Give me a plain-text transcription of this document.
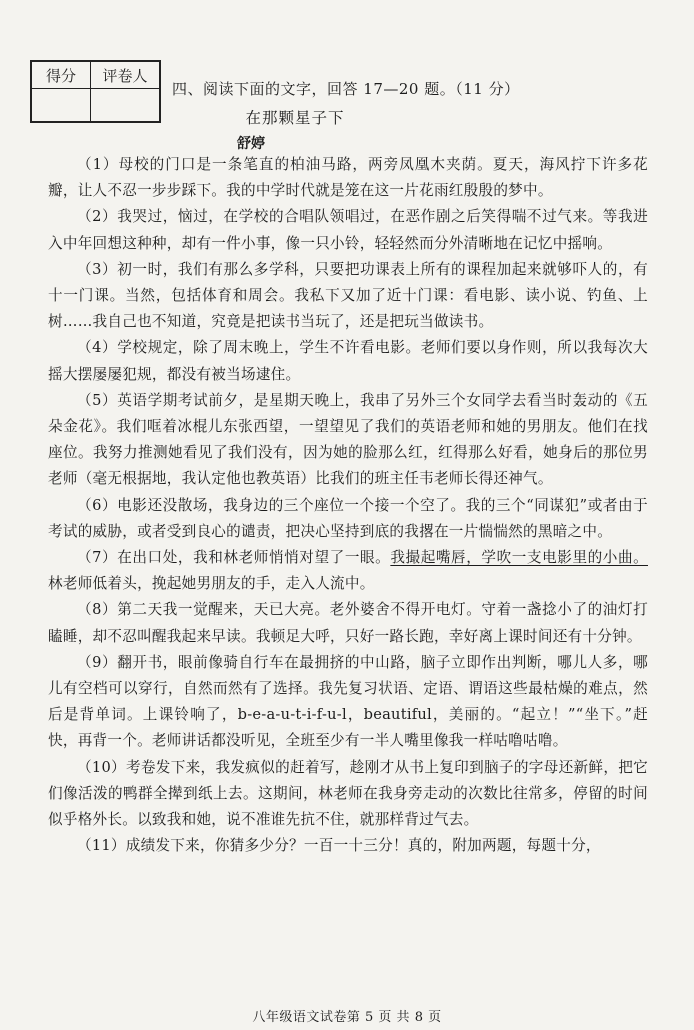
得分	评卷人

四、阅读下面的文字，回答 17—20 题。（11 分）
在那颗星子下
舒婷

（1）母校的门口是一条笔直的柏油马路，两旁凤凰木夹荫。夏天，海风拧下许多花瓣，让人不忍一步步踩下。我的中学时代就是笼在这一片花雨红殷殷的梦中。

（2）我哭过，恼过，在学校的合唱队领唱过，在恶作剧之后笑得喘不过气来。等我进入中年回想这种种，却有一件小事，像一只小铃，轻轻然而分外清晰地在记忆中摇响。

（3）初一时，我们有那么多学科，只要把功课表上所有的课程加起来就够吓人的，有十一门课。当然，包括体育和周会。我私下又加了近十门课：看电影、读小说、钓鱼、上树……我自己也不知道，究竟是把读书当玩了，还是把玩当做读书。

（4）学校规定，除了周末晚上，学生不许看电影。老师们要以身作则，所以我每次大摇大摆屡屡犯规，都没有被当场逮住。

（5）英语学期考试前夕，是星期天晚上，我串了另外三个女同学去看当时轰动的《五朵金花》。我们哐着冰棍儿东张西望，一望望见了我们的英语老师和她的男朋友。他们在找座位。我努力推测她看见了我们没有，因为她的脸那么红，红得那么好看，她身后的那位男老师（毫无根据地，我认定他也教英语）比我们的班主任韦老师长得还神气。

（6）电影还没散场，我身边的三个座位一个接一个空了。我的三个“同谋犯”或者由于考试的威胁，或者受到良心的谴责，把决心坚持到底的我撂在一片惴惴然的黑暗之中。

（7）在出口处，我和林老师悄悄对望了一眼。我撮起嘴唇，学吹一支电影里的小曲。林老师低着头，挽起她男朋友的手，走入人流中。

（8）第二天我一觉醒来，天已大亮。老外婆舍不得开电灯。守着一盏捻小了的油灯打瞌睡，却不忍叫醒我起来早读。我顿足大呼，只好一路长跑，幸好离上课时间还有十分钟。

（9）翻开书，眼前像骑自行车在最拥挤的中山路，脑子立即作出判断，哪儿人多，哪儿有空档可以穿行，自然而然有了选择。我先复习状语、定语、谓语这些最枯燥的难点，然后是背单词。上课铃响了，b-e-a-u-t-i-f-u-l，beautiful，美丽的。“起立！”“坐下。”赶快，再背一个。老师讲话都没听见，全班至少有一半人嘴里像我一样咕噜咕噜。

（10）考卷发下来，我发疯似的赶着写，趁刚才从书上复印到脑子的字母还新鲜，把它们像活泼的鸭群全撵到纸上去。这期间，林老师在我身旁走动的次数比往常多，停留的时间似乎格外长。以致我和她，说不准谁先抗不住，就那样背过气去。

（11）成绩发下来，你猜多少分？一百一十三分！真的，附加两题，每题十分，

八年级语文试卷第 5 页 共 8 页
